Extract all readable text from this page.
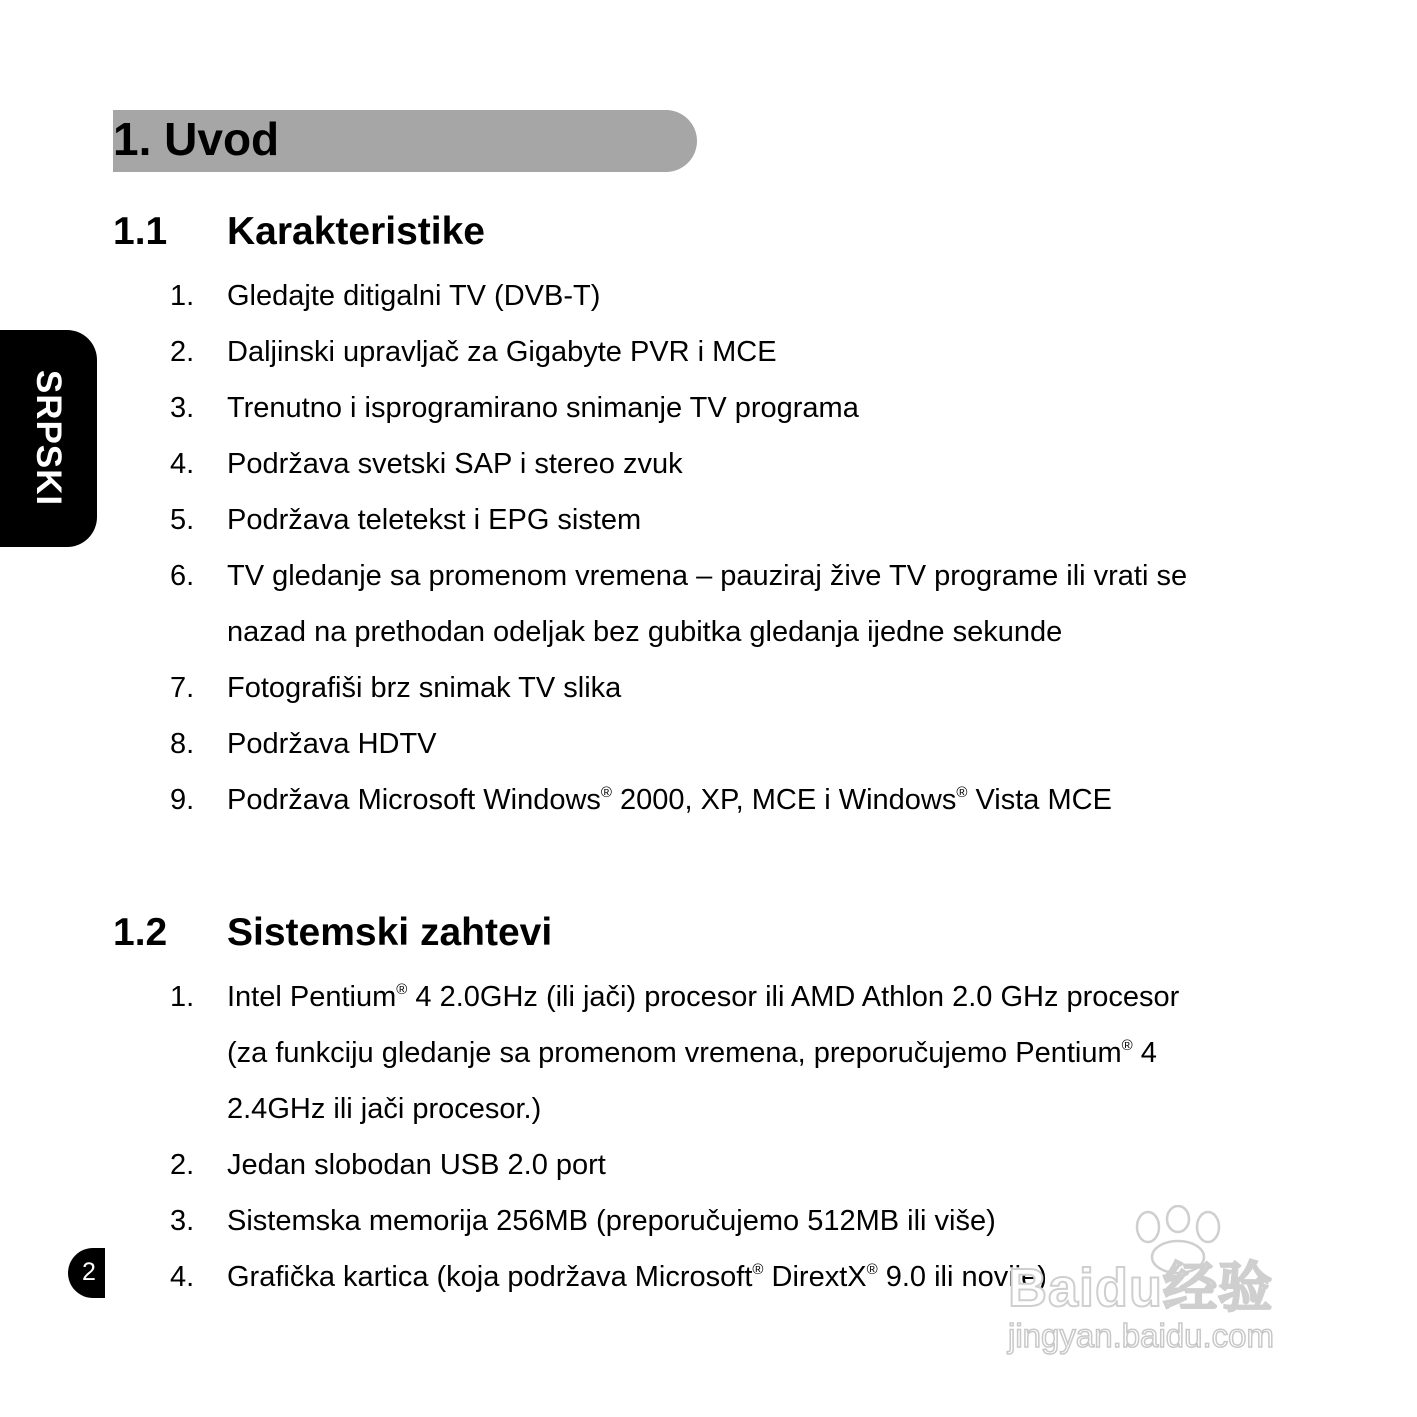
1. Uvod
SRPSKI
1.1 Karakteristike
1. Gledajte ditigalni TV (DVB-T)
2. Daljinski upravljač za Gigabyte PVR i MCE
3. Trenutno i isprogramirano snimanje TV programa
4. Podržava svetski SAP i stereo zvuk
5. Podržava teletekst i EPG sistem
6. TV gledanje sa promenom vremena – pauziraj žive TV programe ili vrati se
nazad na prethodan odeljak bez gubitka gledanja ijedne sekunde
7. Fotografiši brz snimak TV slika
8. Podržava HDTV
9. Podržava Microsoft Windows® 2000, XP, MCE i Windows® Vista MCE
1.2 Sistemski zahtevi
1. Intel Pentium® 4 2.0GHz (ili jači) procesor ili AMD Athlon 2.0 GHz procesor
(za funkciju gledanje sa promenom vremena, preporučujemo Pentium® 4
2.4GHz ili jači procesor.)
2. Jedan slobodan USB 2.0 port
3. Sistemska memorija 256MB (preporučujemo 512MB ili više)
4. Grafička kartica (koja podržava Microsoft® DirextX® 9.0 ili novije)
2	Baidu经验
jingyan.baidu.com
